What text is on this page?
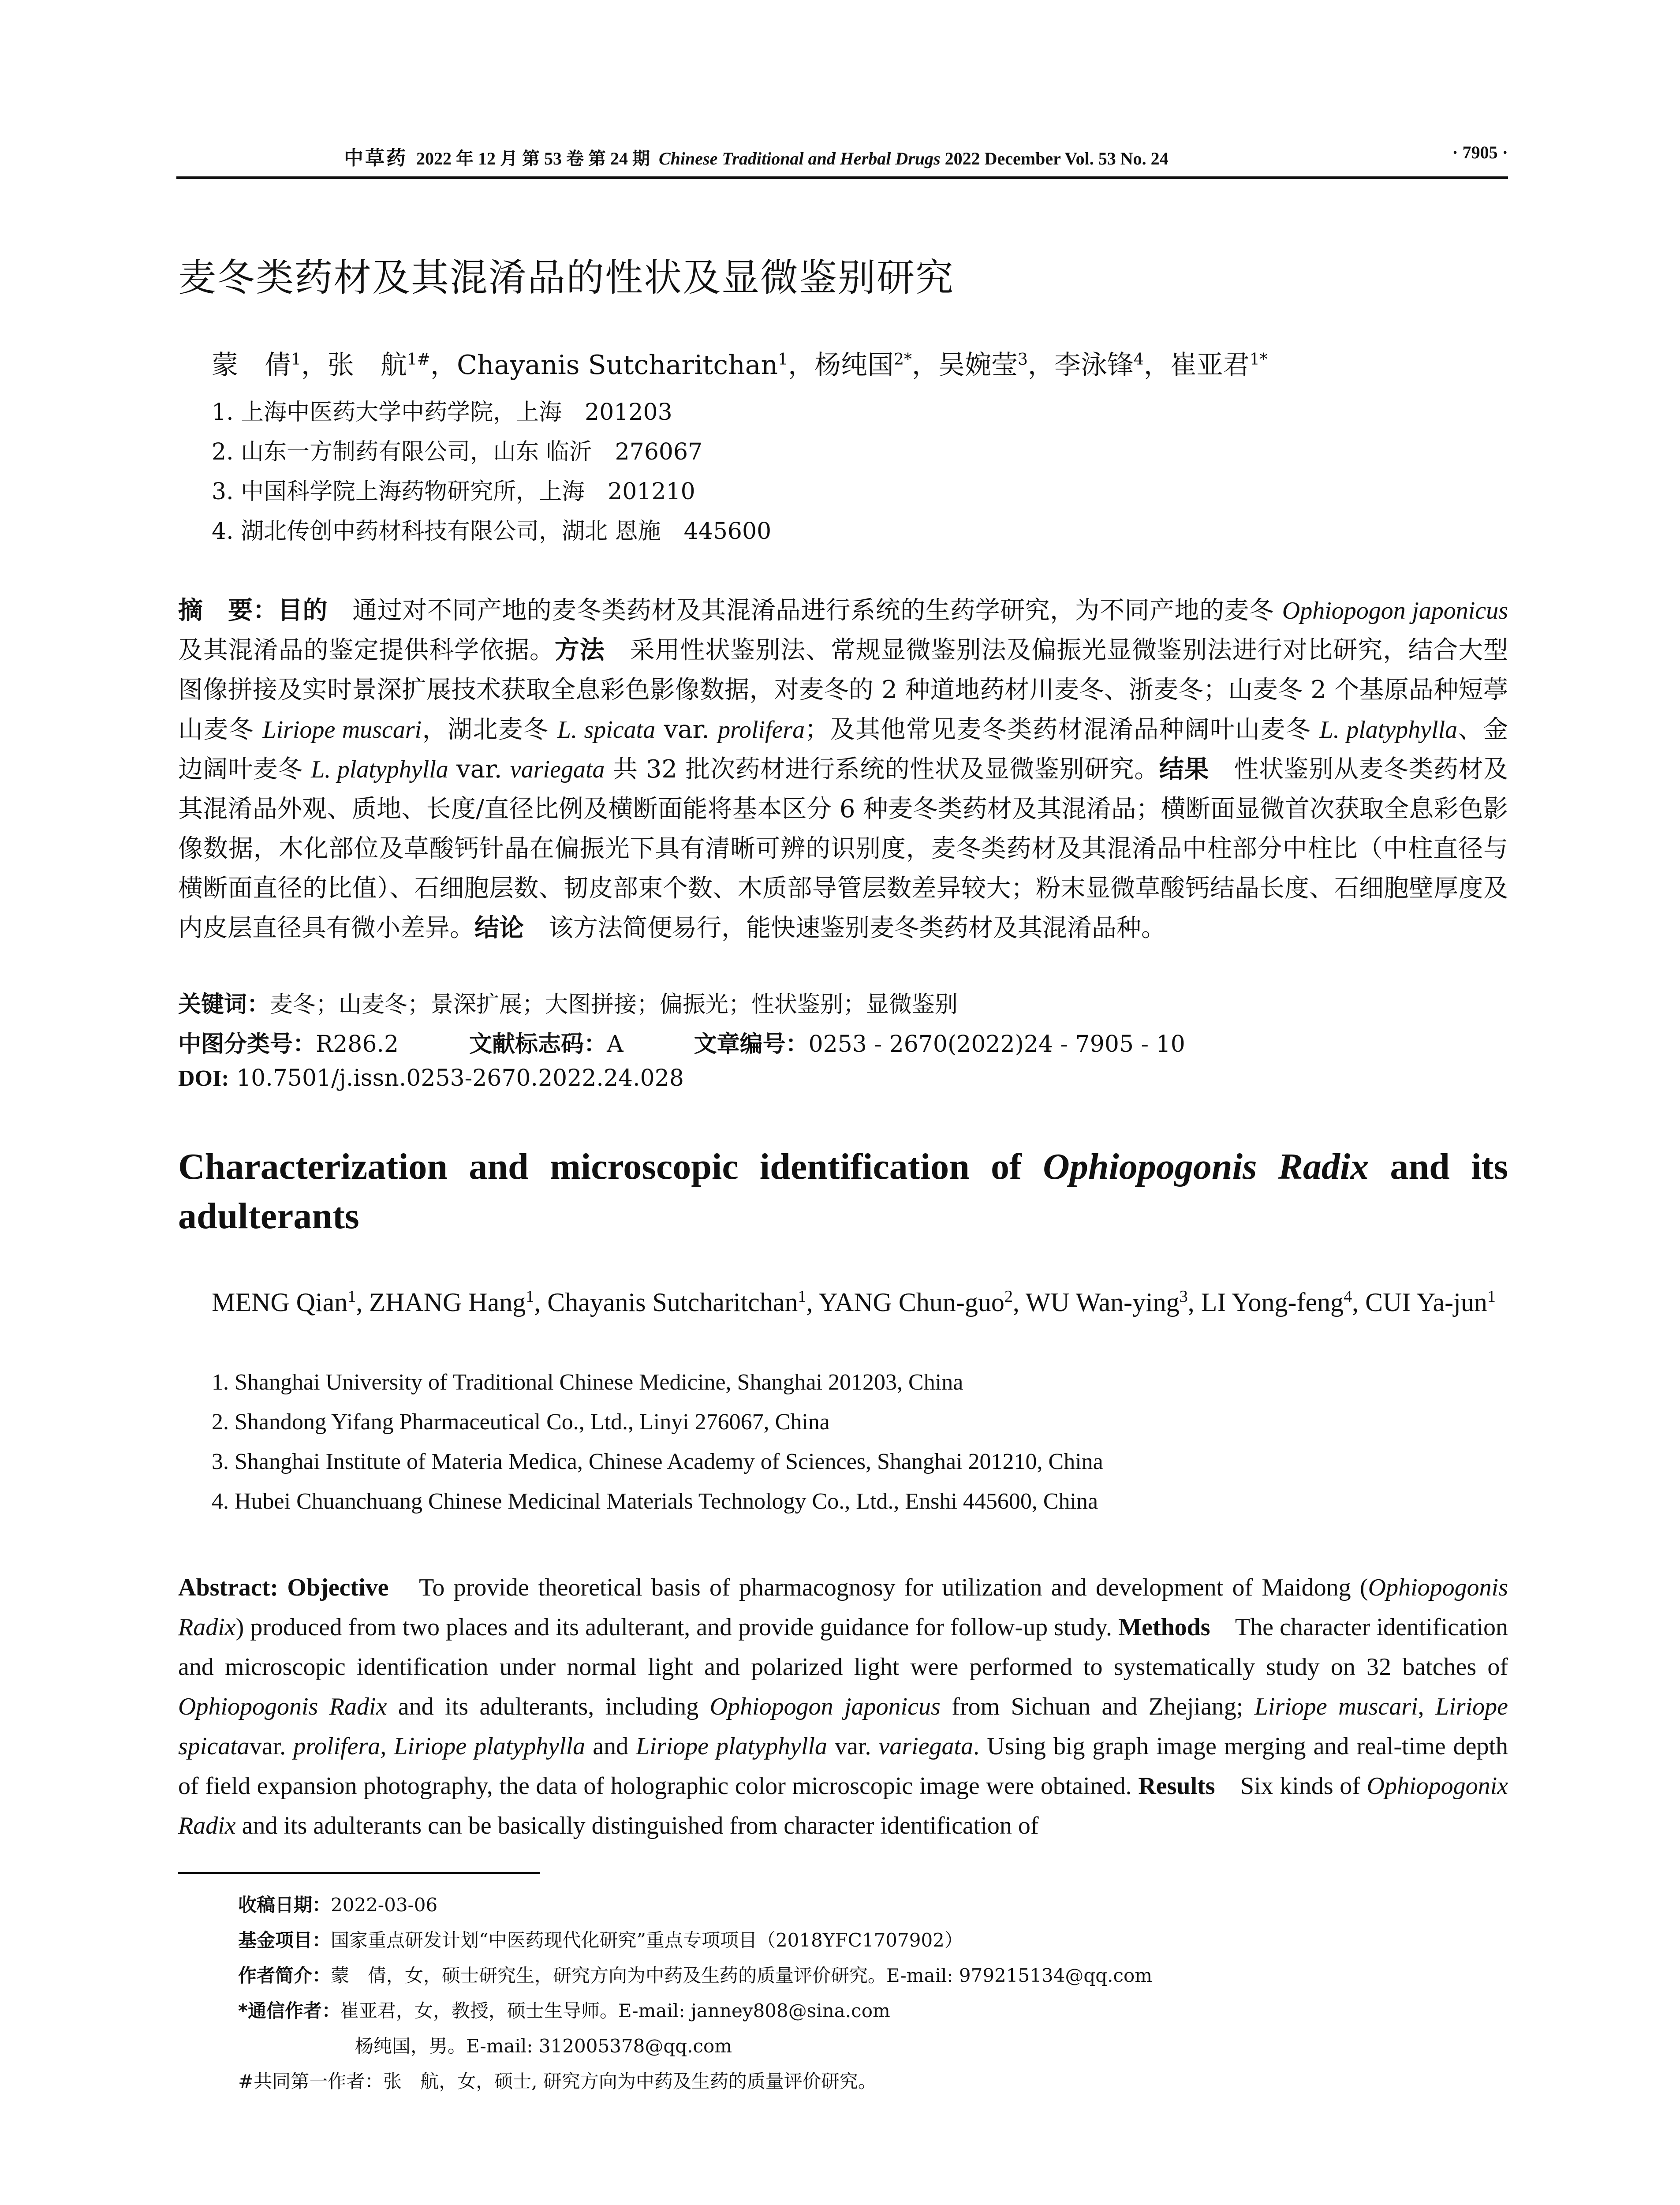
中草药 2022 年 12 月 第 53 卷 第 24 期 Chinese Traditional and Herbal Drugs 2022 December Vol. 53 No. 24	· 7905 ·
麦冬类药材及其混淆品的性状及显微鉴别研究
蒙　倩$^1$，张　航$^{1\#}$，Chayanis Sutcharitchan$^1$，杨纯国$^{2*}$，吴婉莹$^3$，李泳锋$^4$，崔亚君$^{1*}$
1. 上海中医药大学中药学院，上海　201203
2. 山东一方制药有限公司，山东 临沂　276067
3. 中国科学院上海药物研究所，上海　201210
4. 湖北传创中药材科技有限公司，湖北 恩施　445600
摘　要：目的　通过对不同产地的麦冬类药材及其混淆品进行系统的生药学研究，为不同产地的麦冬 Ophiopogon japonicus 及其混淆品的鉴定提供科学依据。方法　采用性状鉴别法、常规显微鉴别法及偏振光显微鉴别法进行对比研究，结合大型图像拼接及实时景深扩展技术获取全息彩色影像数据，对麦冬的 2 种道地药材川麦冬、浙麦冬；山麦冬 2 个基原品种短葶山麦冬 Liriope muscari，湖北麦冬 L. spicata var. prolifera；及其他常见麦冬类药材混淆品种阔叶山麦冬 L. platyphylla、金边阔叶麦冬 L. platyphylla var. variegata 共 32 批次药材进行系统的性状及显微鉴别研究。结果　性状鉴别从麦冬类药材及其混淆品外观、质地、长度/直径比例及横断面能将基本区分 6 种麦冬类药材及其混淆品；横断面显微首次获取全息彩色影像数据，木化部位及草酸钙针晶在偏振光下具有清晰可辨的识别度，麦冬类药材及其混淆品中柱部分中柱比（中柱直径与横断面直径的比值）、石细胞层数、韧皮部束个数、木质部导管层数差异较大；粉末显微草酸钙结晶长度、石细胞壁厚度及内皮层直径具有微小差异。结论　该方法简便易行，能快速鉴别麦冬类药材及其混淆品种。
关键词：麦冬；山麦冬；景深扩展；大图拼接；偏振光；性状鉴别；显微鉴别
中图分类号：R286.2	文献标志码：A	文章编号：0253 - 2670(2022)24 - 7905 - 10
DOI: 10.7501/j.issn.0253-2670.2022.24.028
Characterization and microscopic identification of Ophiopogonis Radix and its adulterants
MENG Qian$^1$, ZHANG Hang$^1$, Chayanis Sutcharitchan$^1$, YANG Chun-guo$^2$, WU Wan-ying$^3$, LI Yong-feng$^4$, CUI Ya-jun$^1$
1. Shanghai University of Traditional Chinese Medicine, Shanghai 201203, China
2. Shandong Yifang Pharmaceutical Co., Ltd., Linyi 276067, China
3. Shanghai Institute of Materia Medica, Chinese Academy of Sciences, Shanghai 201210, China
4. Hubei Chuanchuang Chinese Medicinal Materials Technology Co., Ltd., Enshi 445600, China
Abstract: Objective　To provide theoretical basis of pharmacognosy for utilization and development of Maidong (Ophiopogonis Radix) produced from two places and its adulterant, and provide guidance for follow-up study. Methods　The character identification and microscopic identification under normal light and polarized light were performed to systematically study on 32 batches of Ophiopogonis Radix and its adulterants, including Ophiopogon japonicus from Sichuan and Zhejiang; Liriope muscari, Liriope spicatavar. prolifera, Liriope platyphylla and Liriope platyphylla var. variegata. Using big graph image merging and real-time depth of field expansion photography, the data of holographic color microscopic image were obtained. Results　Six kinds of Ophiopogonix Radix and its adulterants can be basically distinguished from character identification of
收稿日期：2022-03-06
基金项目：国家重点研发计划“中医药现代化研究”重点专项项目（2018YFC1707902）
作者简介：蒙　倩，女，硕士研究生，研究方向为中药及生药的质量评价研究。E-mail: 979215134@qq.com
*通信作者：崔亚君，女，教授，硕士生导师。E-mail: janney808@sina.com
杨纯国，男。E-mail: 312005378@qq.com
#共同第一作者：张　航，女，硕士, 研究方向为中药及生药的质量评价研究。
